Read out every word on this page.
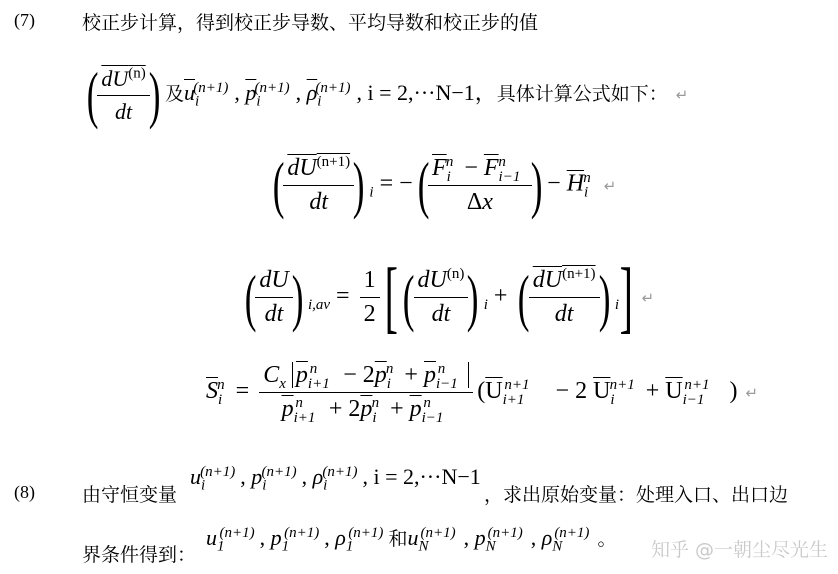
(7) 校正步计算，得到校正步导数、平均导数和校正步的值
(
$\frac{dU^{(n)}}{dt}$
) 及$\overline{u}_i^{(n+1)}$ , $\overline{p}_i^{(n+1)}$ , $\overline{\rho}_i^{(n+1)}$ , i = 2,···N−1，具体计算公式如下： ↵
(
$\frac{dU^{(n+1)}}{dt}$
) $_i$ = −(
$\frac{\overline{F}_i^n - \overline{F}_{i-1}^n}{\Delta x}$
) − $\overline{H}_i^n$ ↵
(
$\frac{dU}{dt}$
) $_{i,av} = \frac{1}{2}$ [(
$\frac{dU^{(n)}}{dt}$
) $_i$ + (
$\frac{dU^{(n+1)}}{dt}$
) $_i$] ↵
$\overline{S}_i^n = \frac{C_x \overline{p}_{i+1}^n - 2\overline{p}_i^n + \overline{p}_{i-1}^n}{\overline{p}_{i+1}^n + 2\overline{p}_i^n + \overline{p}_{i-1}^n} (\overline{U}_{i+1}^{n+1} - 2$ $\overline{U}_i^{n+1} + \overline{U}_{i-1}^{n+1}$ ) ↵
(8) 由守恒变量
$u_i^{(n+1)}$ , $p_i^{(n+1)}$ , $\rho_i^{(n+1)}$ , i = 2,···N−1
，求出原始变量：处理入口、出口边
界条件得到：
$u_1^{(n+1)}$ , $p_1^{(n+1)}$ , $\rho_1^{(n+1)}$ 和$u_N^{(n+1)}$ , $p_N^{(n+1)}$ , $\rho_N^{(n+1)}$ 。 知乎 @一朝尘尽光生
